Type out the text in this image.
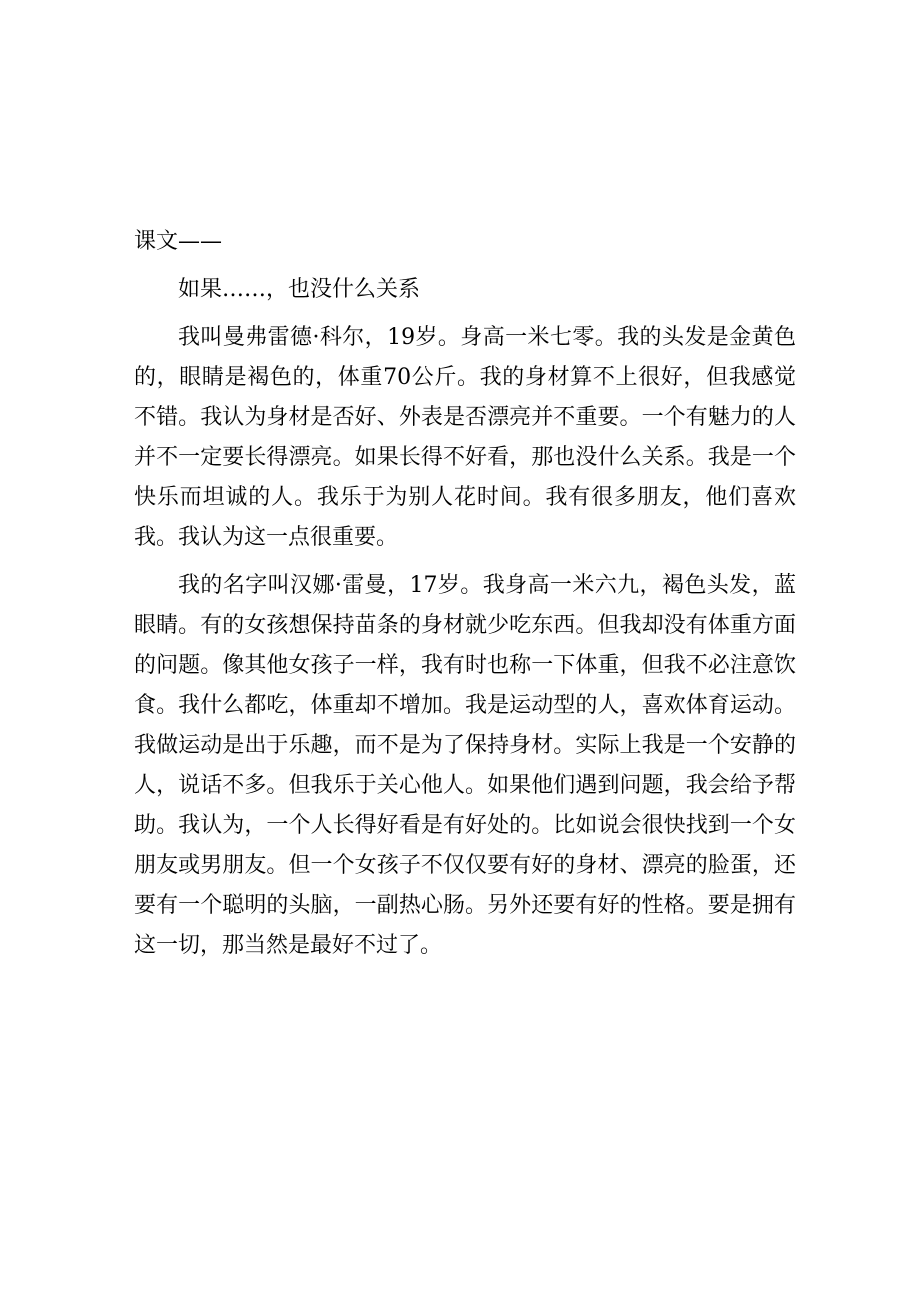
课文——

如果……，也没什么关系

我叫曼弗雷德·科尔，19岁。身高一米七零。我的头发是金黄色的，眼睛是褐色的，体重70公斤。我的身材算不上很好，但我感觉不错。我认为身材是否好、外表是否漂亮并不重要。一个有魅力的人并不一定要长得漂亮。如果长得不好看，那也没什么关系。我是一个快乐而坦诚的人。我乐于为别人花时间。我有很多朋友，他们喜欢我。我认为这一点很重要。

我的名字叫汉娜·雷曼，17岁。我身高一米六九，褐色头发，蓝眼睛。有的女孩想保持苗条的身材就少吃东西。但我却没有体重方面的问题。像其他女孩子一样，我有时也称一下体重，但我不必注意饮食。我什么都吃，体重却不增加。我是运动型的人，喜欢体育运动。我做运动是出于乐趣，而不是为了保持身材。实际上我是一个安静的人，说话不多。但我乐于关心他人。如果他们遇到问题，我会给予帮助。我认为，一个人长得好看是有好处的。比如说会很快找到一个女朋友或男朋友。但一个女孩子不仅仅要有好的身材、漂亮的脸蛋，还要有一个聪明的头脑，一副热心肠。另外还要有好的性格。要是拥有这一切，那当然是最好不过了。
